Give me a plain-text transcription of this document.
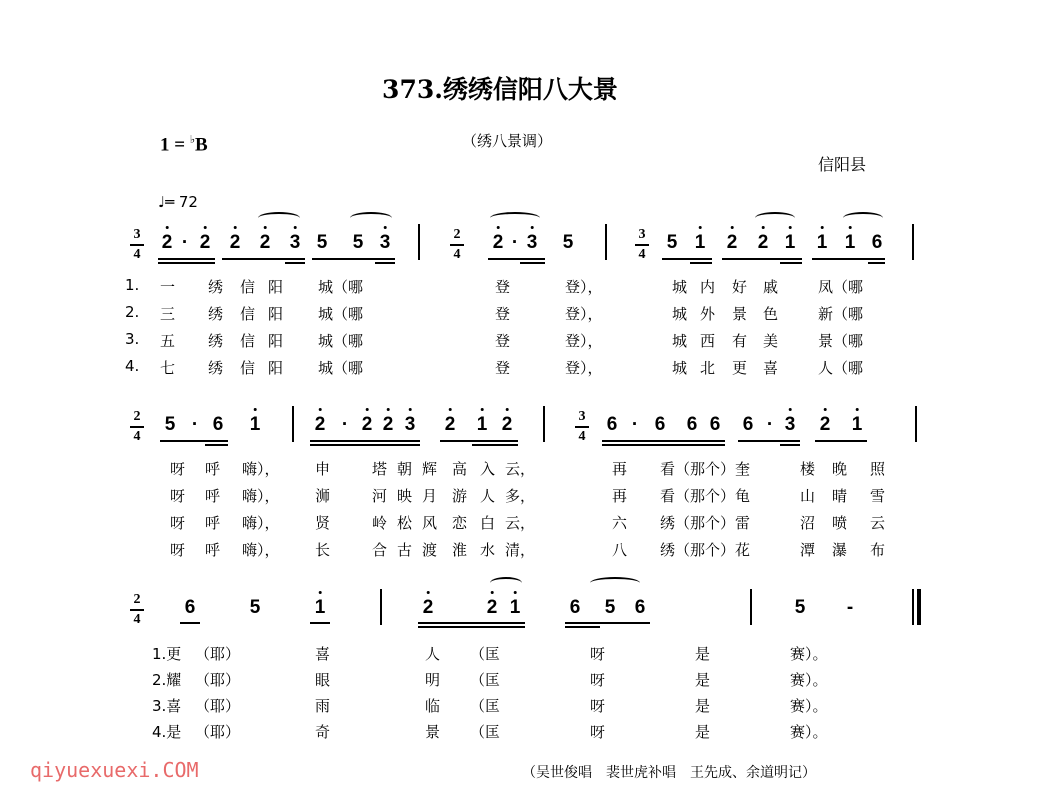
373.绣绣信阳八大景
1 = ♭B	（绣八景调）
信阳县
♩═ 72
3
4
2 · 2 2 2 3 5 5 3	2
4
2 · 3 5	3
4
5 1 2 2 1 1 1 6
1. 一 绣 信 阳 城（哪	登	登），	城 内 好 戚	凤（哪
2. 三 绣 信 阳 城（哪	登	登），	城 外 景 色	新（哪
3. 五 绣 信 阳 城（哪	登	登），	城 西 有 美	景（哪
4. 七 绣 信 阳 城（哪	登	登），	城 北 更 喜	人（哪
2
4
5 · 6 1	2 · 2 2 3 2 1 2	3
4
6 · 6 6 6 6 · 3 2 1
呀 呼 嗨）， 申	塔 朝 辉 高 入 云，	再 看（那个）奎	楼 晚 照
呀 呼 嗨）， 浉	河 映 月 游 人 多，	再 看（那个）龟	山 晴 雪
呀 呼 嗨）， 贤	岭 松 风 恋 白 云，	六 绣（那个）雷	沼 喷 云
呀 呼 嗨）， 长	合 古 渡 淮 水 清，	八 绣（那个）花	潭 瀑 布
2
4
6	5	1	2	2 1	6 5 6	5 -
1.更 （耶）	喜	人 （匡	呀	是	赛）。
2.耀 （耶）	眼	明 （匡	呀	是	赛）。
3.喜 （耶）	雨	临 （匡	呀	是	赛）。
4.是 （耶）	奇	景 （匡	呀	是	赛）。
（吴世俊唱　裴世虎补唱　王先成、余道明记）
qiyuexuexi.COM
